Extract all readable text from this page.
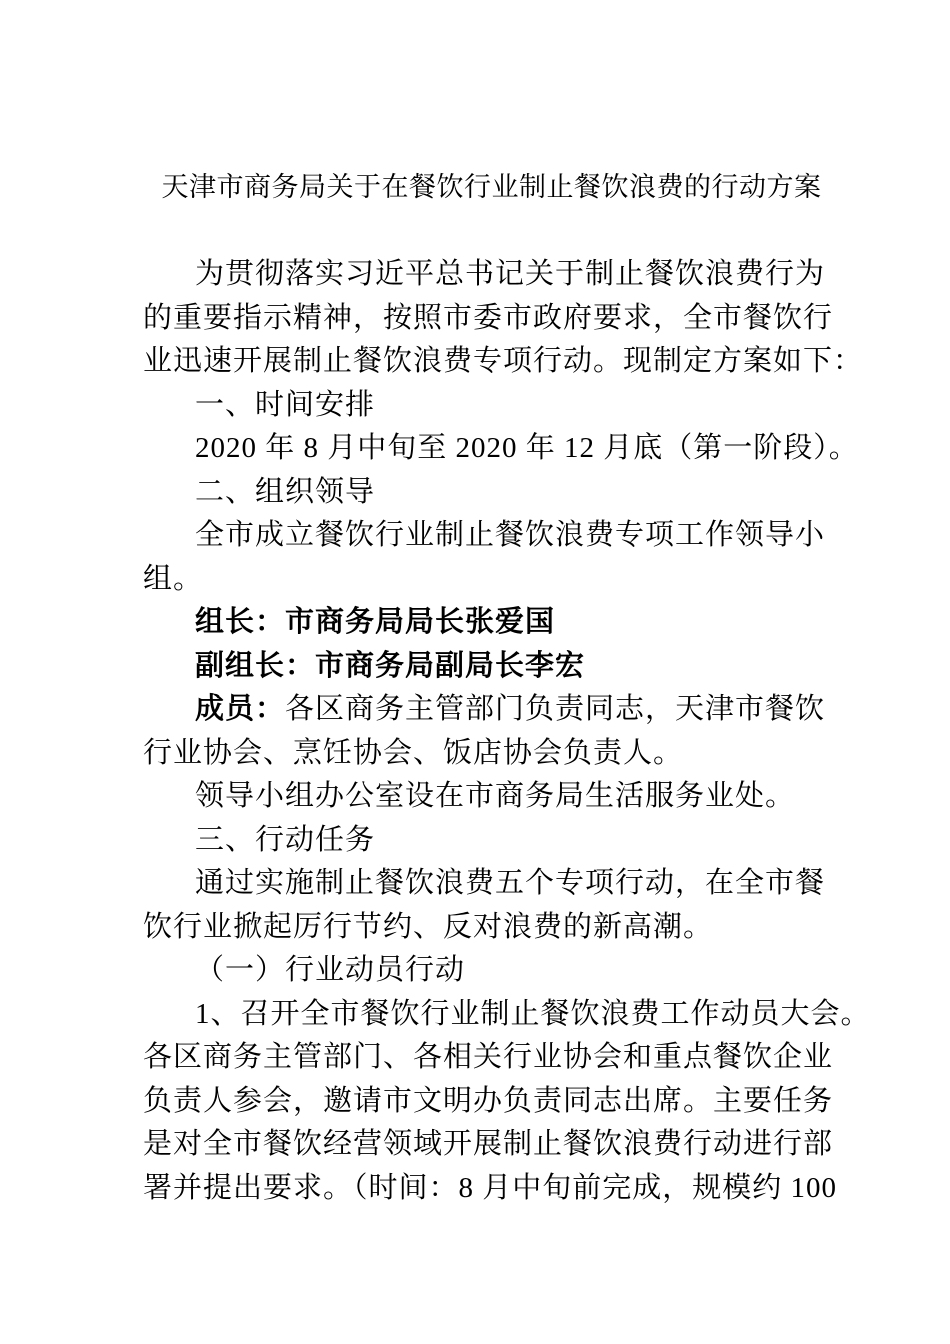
天津市商务局关于在餐饮行业制止餐饮浪费的行动方案
为贯彻落实习近平总书记关于制止餐饮浪费行为
的重要指示精神，按照市委市政府要求，全市餐饮行
业迅速开展制止餐饮浪费专项行动。现制定方案如下：
一、时间安排
2020 年 8 月中旬至 2020 年 12 月底（第一阶段）。
二、组织领导
全市成立餐饮行业制止餐饮浪费专项工作领导小
组。
组长：市商务局局长张爱国
副组长：市商务局副局长李宏
成员：各区商务主管部门负责同志，天津市餐饮
行业协会、烹饪协会、饭店协会负责人。
领导小组办公室设在市商务局生活服务业处。
三、行动任务
通过实施制止餐饮浪费五个专项行动，在全市餐
饮行业掀起厉行节约、反对浪费的新高潮。
（一）行业动员行动
1、召开全市餐饮行业制止餐饮浪费工作动员大会。
各区商务主管部门、各相关行业协会和重点餐饮企业
负责人参会，邀请市文明办负责同志出席。主要任务
是对全市餐饮经营领域开展制止餐饮浪费行动进行部
署并提出要求。（时间：8 月中旬前完成，规模约 100
